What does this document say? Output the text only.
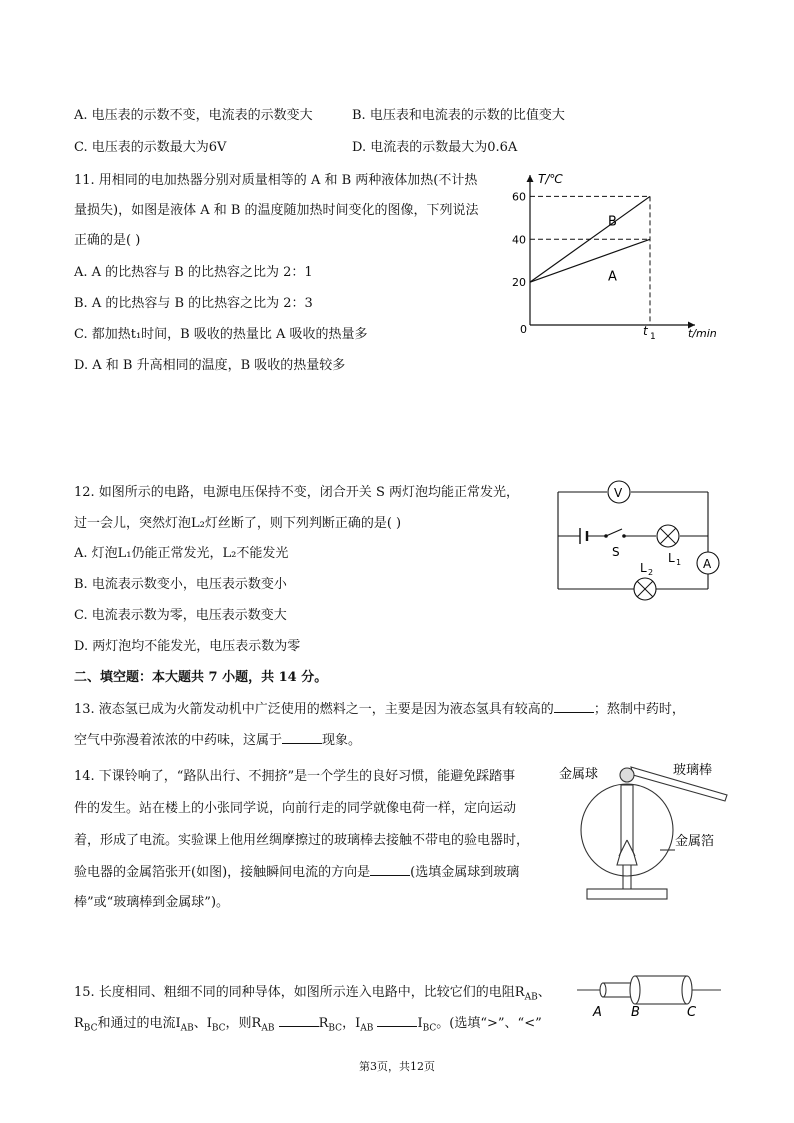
A. 电压表的示数不变，电流表的示数变大	B. 电压表和电流表的示数的比值变大
C. 电压表的示数最大为6V	D. 电流表的示数最大为0.6A
11. 用相同的电加热器分别对质量相等的 A 和 B 两种液体加热(不计热
量损失)，如图是液体 A 和 B 的温度随加热时间变化的图像，下列说法
正确的是( )
A. A 的比热容与 B 的比热容之比为 2：1
B. A 的比热容与 B 的比热容之比为 2：3
C. 都加热t₁时间，B 吸收的热量比 A 吸收的热量多
D. A 和 B 升高相同的温度，B 吸收的热量较多
T/℃
t/min
0
20
40
60
t 1
A
B
12. 如图所示的电路，电源电压保持不变，闭合开关 S 两灯泡均能正常发光，
过一会儿，突然灯泡L₂灯丝断了，则下列判断正确的是( )
A. 灯泡L₁仍能正常发光，L₂不能发光
B. 电流表示数变小，电压表示数变小
C. 电流表示数为零，电压表示数变大
D. 两灯泡均不能发光，电压表示数为零
V
L 1
S
A
L 2
二、填空题：本大题共 7 小题，共 14 分。
13. 液态氢已成为火箭发动机中广泛使用的燃料之一，主要是因为液态氢具有较高的	；熬制中药时，
空气中弥漫着浓浓的中药味，这属于	现象。
14. 下课铃响了，“路队出行、不拥挤”是一个学生的良好习惯，能避免踩踏事
件的发生。站在楼上的小张同学说，向前行走的同学就像电荷一样，定向运动
着，形成了电流。实验课上他用丝绸摩擦过的玻璃棒去接触不带电的验电器时，
验电器的金属箔张开(如图)，接触瞬间电流的方向是	(选填金属球到玻璃
棒”或“玻璃棒到金属球”)。
金属球	玻璃棒
金属箔
15. 长度相同、粗细不同的同种导体，如图所示连入电路中，比较它们的电阻$R_{AB}$、
$R_{BC}$和通过的电流$I_{AB}$、$I_{BC}$，则$R_{AB}$	$R_{BC}$，$I_{AB}$	$I_{BC}$。(选填“>”、“<”
A B	C
第3页，共12页
